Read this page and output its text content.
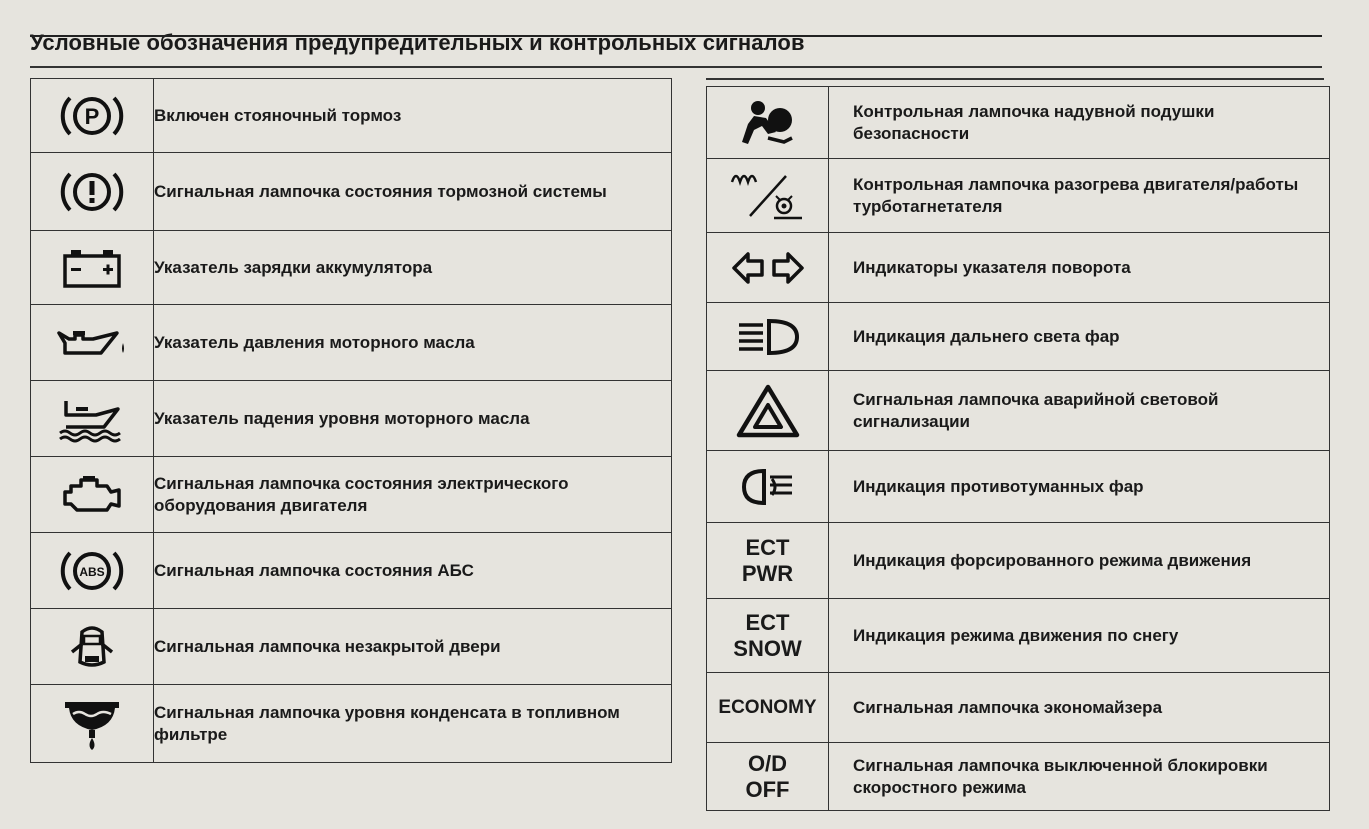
Условные обозначения предупредительных и контрольных сигналов
P	Включен стояночный тормоз

	Сигнальная лампочка состояния тормозной системы

	Указатель зарядки аккумулятора

	Указатель давления моторного масла

	Указатель падения уровня моторного масла

	Сигнальная лампочка состояния электрического оборудования двигателя

ABS	Сигнальная лампочка состояния АБС

	Сигнальная лампочка незакрытой двери

	Сигнальная лампочка уровня конденсата в топливном фильтре
	Контрольная лампочка надувной подушки безопасности

	Контрольная лампочка разогрева двигателя/работы турботагнетателя

	Индикаторы указателя поворота

	Индикация дальнего света фар

	Сигнальная лампочка аварийной световой сигнализации

	Индикация противотуманных фар

ECT
PWR	Индикация форсированного режима движения

ECT
SNOW	Индикация режима движения по снегу

ECONOMY	Сигнальная лампочка экономайзера

O/D
OFF	Сигнальная лампочка выключенной блокировки скоростного режима
